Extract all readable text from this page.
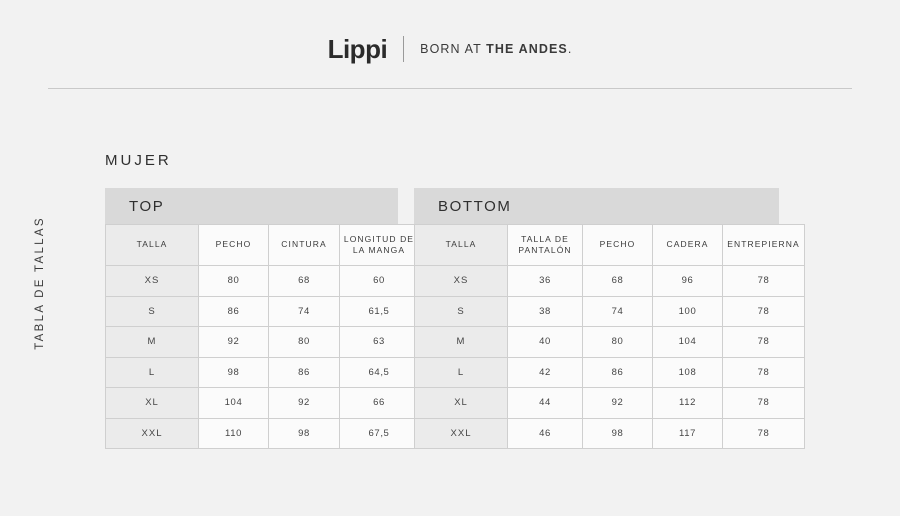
Lippi	BORN AT THE ANDES.
TABLA DE TALLAS
MUJER
TOP
TALLA	PECHO	CINTURA	LONGITUD DE LA MANGA
XS	80	68	60
S	86	74	61,5
M	92	80	63
L	98	86	64,5
XL	104	92	66
XXL	110	98	67,5
BOTTOM
TALLA	TALLA DE PANTALÓN	PECHO	CADERA	ENTREPIERNA
XS	36	68	96	78
S	38	74	100	78
M	40	80	104	78
L	42	86	108	78
XL	44	92	112	78
XXL	46	98	117	78
